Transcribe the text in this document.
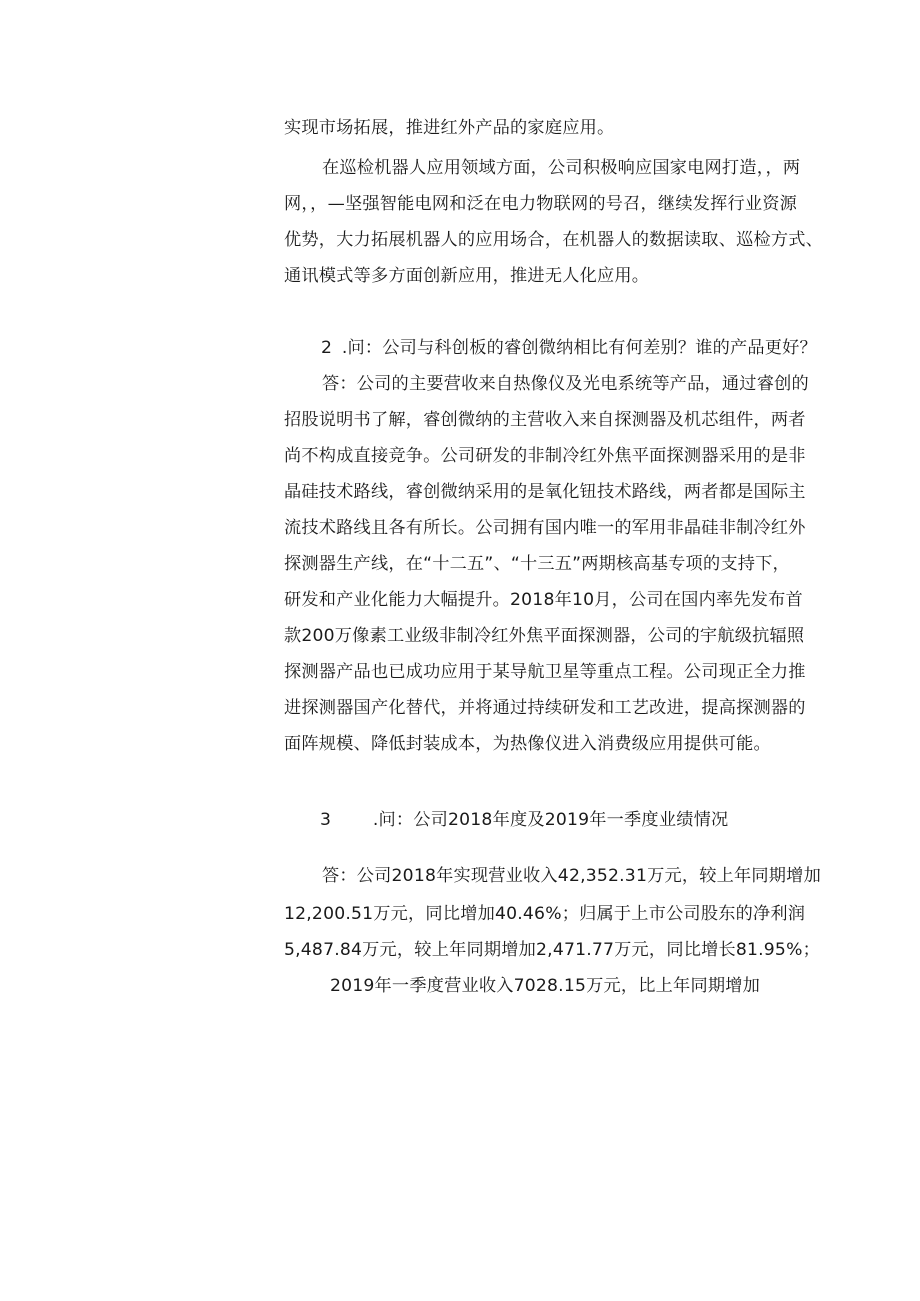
实现市场拓展，推进红外产品的家庭应用。
在巡检机器人应用领域方面，公司积极响应国家电网打造，，两
网，，—坚强智能电网和泛在电力物联网的号召，继续发挥行业资源
优势，大力拓展机器人的应用场合，在机器人的数据读取、巡检方式、
通讯模式等多方面创新应用，推进无人化应用。
2 .问：公司与科创板的睿创微纳相比有何差别？谁的产品更好？
答：公司的主要营收来自热像仪及光电系统等产品，通过睿创的
招股说明书了解，睿创微纳的主营收入来自探测器及机芯组件，两者
尚不构成直接竞争。公司研发的非制冷红外焦平面探测器采用的是非
晶硅技术路线，睿创微纳采用的是氧化钮技术路线，两者都是国际主
流技术路线且各有所长。公司拥有国内唯一的军用非晶硅非制冷红外
探测器生产线，在“十二五”、“十三五”两期核高基专项的支持下，
研发和产业化能力大幅提升。2018年10月，公司在国内率先发布首
款200万像素工业级非制冷红外焦平面探测器，公司的宇航级抗辐照
探测器产品也已成功应用于某导航卫星等重点工程。公司现正全力推
进探测器国产化替代，并将通过持续研发和工艺改进，提高探测器的
面阵规模、降低封装成本，为热像仪进入消费级应用提供可能。
3 .问：公司2018年度及2019年一季度业绩情况
答：公司2018年实现营业收入42,352.31万元，较上年同期增加
12,200.51万元，同比增加40.46%；归属于上市公司股东的净利润
5,487.84万元，较上年同期增加2,471.77万元，同比增长81.95%；
2019年一季度营业收入7028.15万元，比上年同期增加
